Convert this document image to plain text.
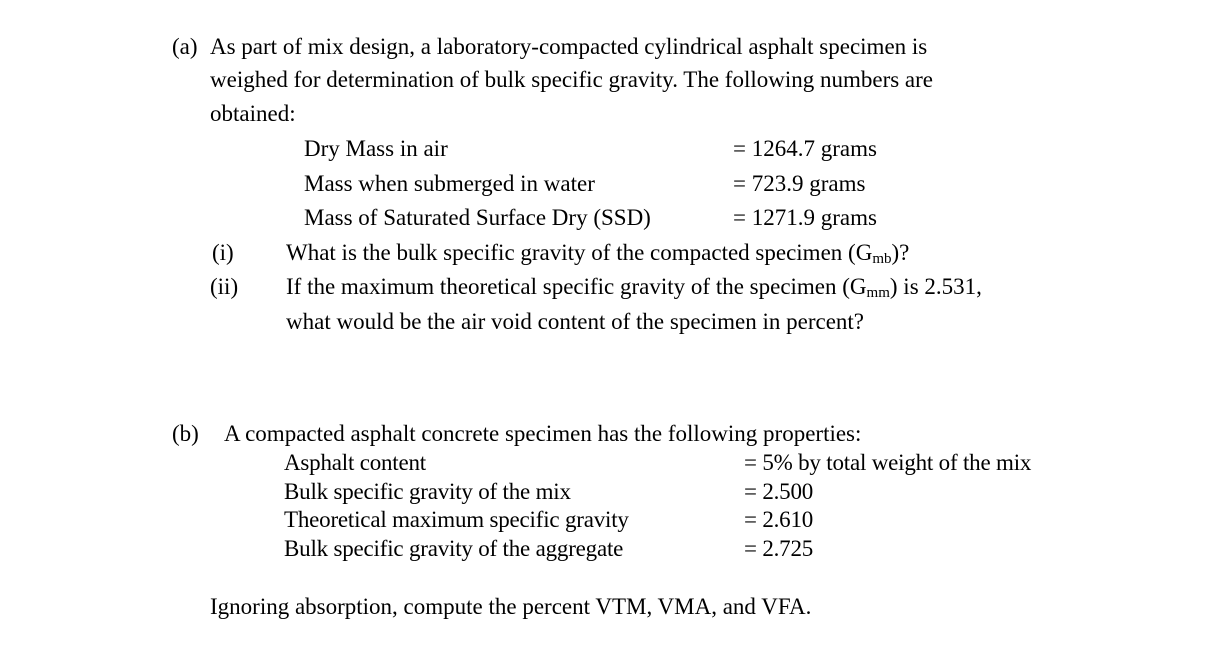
(a) As part of mix design, a laboratory-compacted cylindrical asphalt specimen is
weighed for determination of bulk specific gravity. The following numbers are
obtained:
Dry Mass in air	= 1264.7 grams
Mass when submerged in water	= 723.9 grams
Mass of Saturated Surface Dry (SSD)	= 1271.9 grams
(i) What is the bulk specific gravity of the compacted specimen $(G_{mb})$?
(ii) If the maximum theoretical specific gravity of the specimen $(G_{mm})$ is 2.531,
what would be the air void content of the specimen in percent?
(b) A compacted asphalt concrete specimen has the following properties:
Asphalt content	= 5% by total weight of the mix
Bulk specific gravity of the mix	= 2.500
Theoretical maximum specific gravity	= 2.610
Bulk specific gravity of the aggregate	= 2.725
Ignoring absorption, compute the percent VTM, VMA, and VFA.
